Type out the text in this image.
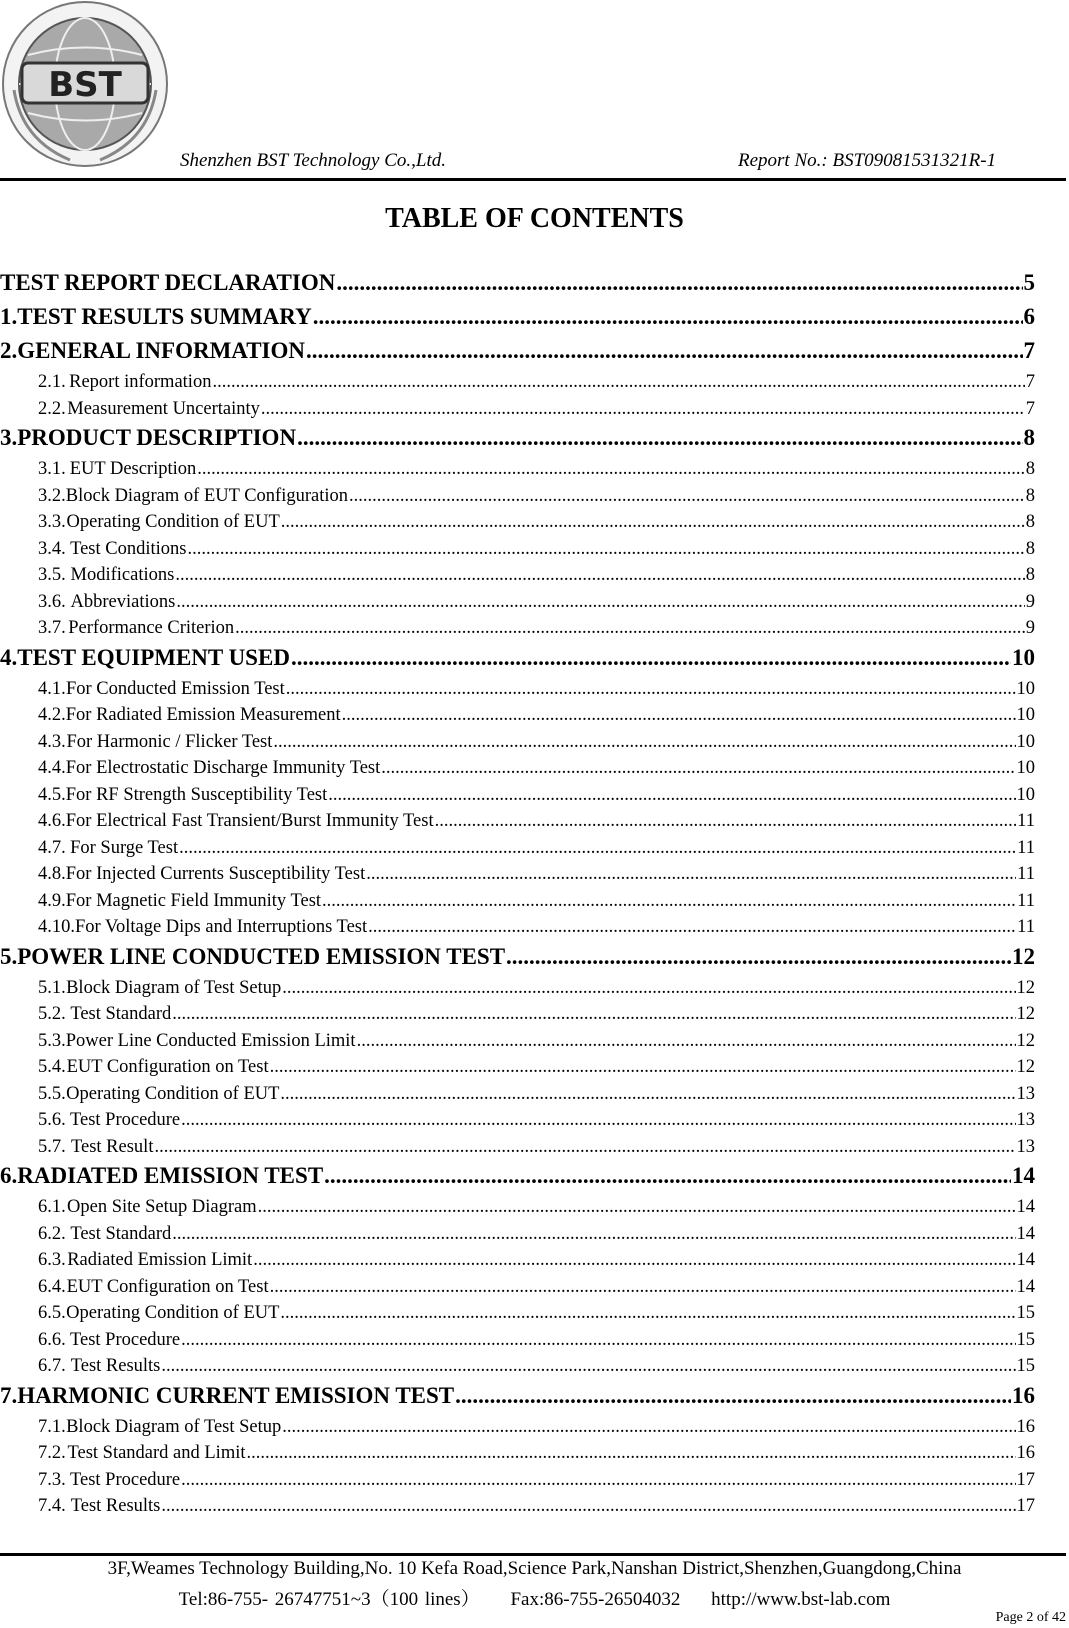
BST
Shenzhen BST Technology Co.,Ltd.	Report No.: BST09081531321R-1
TABLE OF CONTENTS
TEST REPORT DECLARATION .....	5
1. TEST RESULTS SUMMARY .....	6
2. GENERAL INFORMATION .....	7
2.1. Report information .....	7
2.2. Measurement Uncertainty .....	7
3. PRODUCT DESCRIPTION .....	8
3.1. EUT Description .....	8
3.2. Block Diagram of EUT Configuration .....	8
3.3. Operating Condition of EUT .....	8
3.4. Test Conditions .....	8
3.5. Modifications .....	8
3.6. Abbreviations .....	9
3.7. Performance Criterion .....	9
4. TEST EQUIPMENT USED .....	10
4.1. For Conducted Emission Test .....	10
4.2. For Radiated Emission Measurement .....	10
4.3. For Harmonic / Flicker Test .....	10
4.4. For Electrostatic Discharge Immunity Test .....	10
4.5. For RF Strength Susceptibility Test .....	10
4.6. For Electrical Fast Transient/Burst Immunity Test .....	11
4.7. For Surge Test .....	11
4.8. For Injected Currents Susceptibility Test .....	11
4.9. For Magnetic Field Immunity Test .....	11
4.10. For Voltage Dips and Interruptions Test .....	11
5. POWER LINE CONDUCTED EMISSION TEST .....	12
5.1. Block Diagram of Test Setup .....	12
5.2. Test Standard .....	12
5.3. Power Line Conducted Emission Limit .....	12
5.4. EUT Configuration on Test .....	12
5.5. Operating Condition of EUT .....	13
5.6. Test Procedure .....	13
5.7. Test Result .....	13
6. RADIATED EMISSION TEST .....	14
6.1. Open Site Setup Diagram .....	14
6.2. Test Standard .....	14
6.3. Radiated Emission Limit .....	14
6.4. EUT Configuration on Test .....	14
6.5. Operating Condition of EUT .....	15
6.6. Test Procedure .....	15
6.7. Test Results .....	15
7. HARMONIC CURRENT EMISSION TEST .....	16
7.1. Block Diagram of Test Setup .....	16
7.2. Test Standard and Limit .....	16
7.3. Test Procedure .....	17
7.4. Test Results .....	17
3F,Weames Technology Building,No. 10 Kefa Road,Science Park,Nanshan District,Shenzhen,Guangdong,China
Tel:86-755- 26747751~3（100 lines） Fax:86-755-26504032 http://www.bst-lab.com
Page 2 of 42
